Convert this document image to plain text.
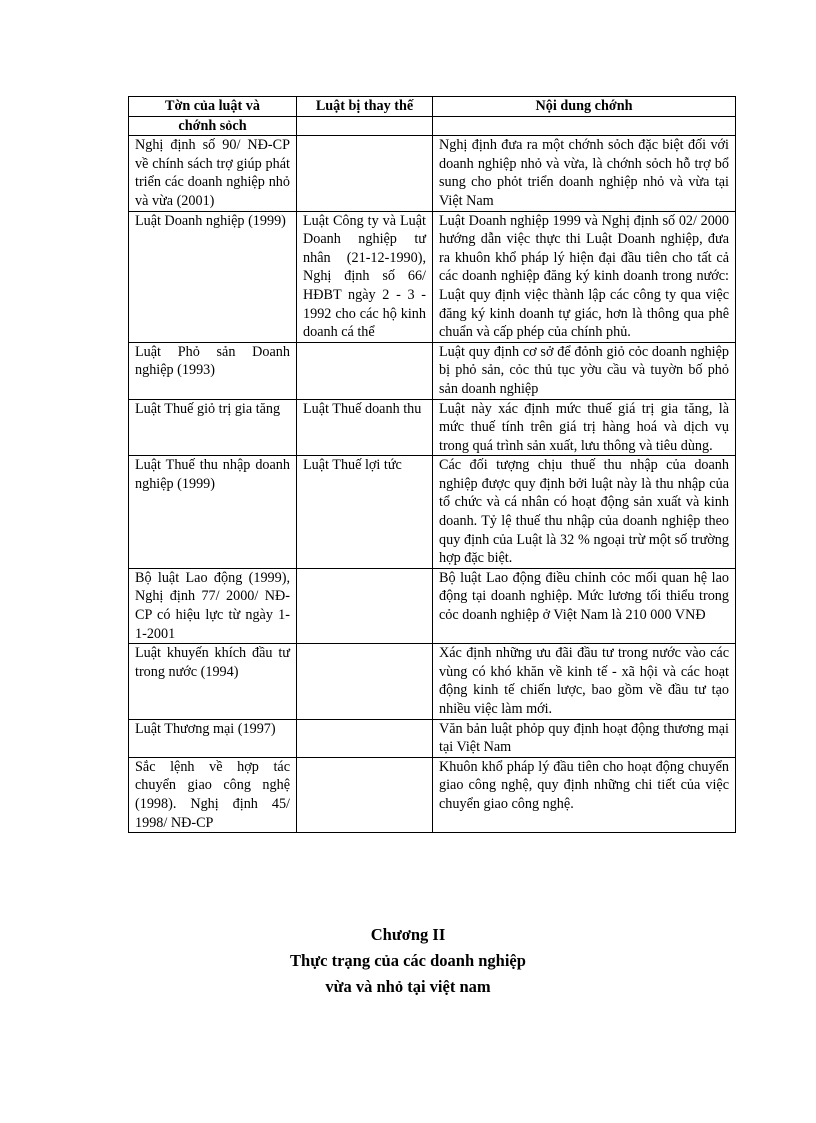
Tờn của luật và	Luật bị thay thế	Nội dung chớnh
chớnh sỏch		
Nghị định số 90/ NĐ-CP về chính sách trợ giúp phát triển các doanh nghiệp nhỏ và vừa (2001)		Nghị định đưa ra một chớnh sỏch đặc biệt đối với doanh nghiệp nhỏ và vừa, là chớnh sỏch hỗ trợ bổ sung cho phỏt triển doanh nghiệp nhỏ và vừa tại Việt Nam
Luật Doanh nghiệp (1999)	Luật Công ty và Luật Doanh nghiệp tư nhân (21-12-1990), Nghị định số 66/ HĐBT ngày 2 - 3 - 1992 cho các hộ kinh doanh cá thể	Luật Doanh nghiệp 1999 và Nghị định số 02/ 2000 hướng dẫn việc thực thi Luật Doanh nghiệp, đưa ra khuôn khổ pháp lý hiện đại đầu tiên cho tất cả các doanh nghiệp đăng ký kinh doanh trong nước: Luật quy định việc thành lập các công ty qua việc đăng ký kinh doanh tự giác, hơn là thông qua phê chuẩn và cấp phép của chính phủ.
Luật Phỏ sản Doanh nghiệp (1993)		Luật quy định cơ sở để đỏnh giỏ cỏc doanh nghiệp bị phỏ sản, cỏc thủ tục yờu cầu và tuyờn bố phỏ sản doanh nghiệp
Luật Thuế giỏ trị gia tăng	Luật Thuế doanh thu	Luật này xác định mức thuế giá trị gia tăng, là mức thuế tính trên giá trị hàng hoá và dịch vụ trong quá trình sản xuất, lưu thông và tiêu dùng.
Luật Thuế thu nhập doanh nghiệp (1999)	Luật Thuế lợi tức	Các đối tượng chịu thuế thu nhập của doanh nghiệp được quy định bởi luật này là thu nhập của tổ chức và cá nhân có hoạt động sản xuất và kinh doanh. Tỷ lệ thuế thu nhập của doanh nghiệp theo quy định của Luật là 32 % ngoại trừ một số trường hợp đặc biệt.
Bộ luật Lao động (1999), Nghị định 77/ 2000/ NĐ-CP có hiệu lực từ ngày 1-1-2001		Bộ luật Lao động điều chỉnh cỏc mối quan hệ lao động tại doanh nghiệp. Mức lương tối thiểu trong cỏc doanh nghiệp ở Việt Nam là 210 000 VNĐ
Luật khuyến khích đầu tư trong nước (1994)		Xác định những ưu đãi đầu tư trong nước vào các vùng có khó khăn về kinh tế - xã hội và các hoạt động kinh tế chiến lược, bao gồm về đầu tư tạo nhiều việc làm mới.
Luật Thương mại (1997)		Văn bản luật phỏp quy định hoạt động thương mại tại Việt Nam
Sắc lệnh về hợp tác chuyển giao công nghệ (1998). Nghị định 45/ 1998/ NĐ-CP		Khuôn khổ pháp lý đầu tiên cho hoạt động chuyển giao công nghệ, quy định những chi tiết của việc chuyển giao công nghệ.
Chương II
Thực trạng của các doanh nghiệp
vừa và nhỏ tại việt nam
